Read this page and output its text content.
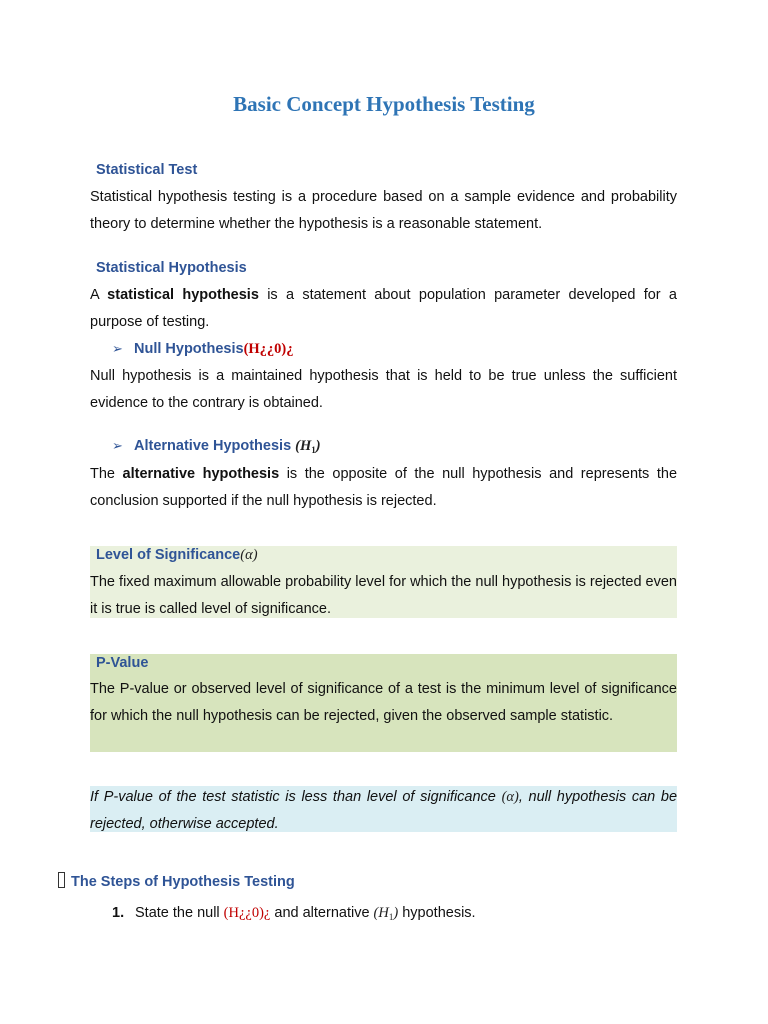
Basic Concept Hypothesis Testing
Statistical Test
Statistical hypothesis testing is a procedure based on a sample evidence and probability theory to determine whether the hypothesis is a reasonable statement.
Statistical Hypothesis
A statistical hypothesis is a statement about population parameter developed for a purpose of testing.
➢ Null Hypothesis(H¿¿0)¿
Null hypothesis is a maintained hypothesis that is held to be true unless the sufficient evidence to the contrary is obtained.
➢ Alternative Hypothesis $(H_1)$
The alternative hypothesis is the opposite of the null hypothesis and represents the conclusion supported if the null hypothesis is rejected.
Level of Significance(α)
The fixed maximum allowable probability level for which the null hypothesis is rejected even it is true is called level of significance.
P-Value
The P-value or observed level of significance of a test is the minimum level of significance for which the null hypothesis can be rejected, given the observed sample statistic.
If P-value of the test statistic is less than level of significance (α), null hypothesis can be rejected, otherwise accepted.
The Steps of Hypothesis Testing
1. State the null (H¿¿0)¿ and alternative $(H_1)$ hypothesis.
